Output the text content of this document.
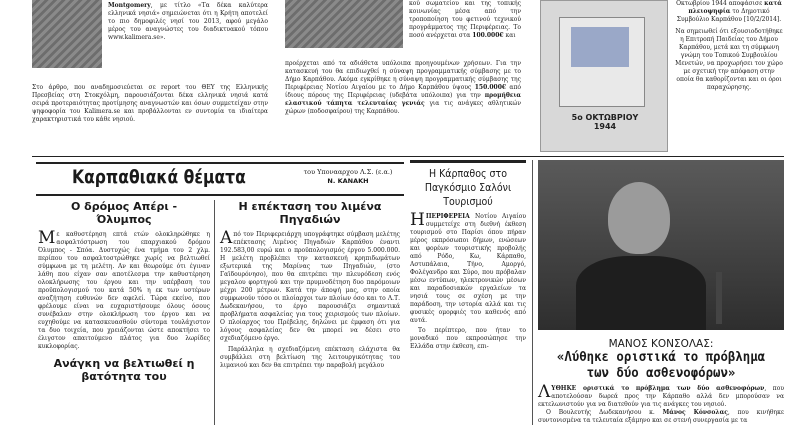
Montgomery, με τίτλο «Τα δέκα καλύτερα ελληνικά νησιά» σημειώνεται ότι η Κρήτη αποτελεί το πιο δημοφιλές νησί του 2013, αφού μεγάλο μέρος του αναγνώστες του διαδικτυακού τόπου www.kalimera.se».

Στο άρθρο, που αναδημοσιεύεται σε report του ΘΕΥ της Ελληνικής Πρεσβείας στη Στοκχόλμη, παρουσιάζονται δέκα ελληνικά νησιά κατά σειρά προτεραιότητας προτίμησης αναγνωστών και όσων συμμετείχαν στην ψηφοφορία του Kalimera.se και προβάλλονται εν συντομία τα ιδιαίτερα χαρακτηριστικά του κάθε νησιού.

κού σωματείου και της τοπικής κοινωνίας μέσα από την τροποποίηση του φετινού τεχνικού προγράμματος της Περιφέρειας. Το ποσό ανέρχεται στα 100.000€ και

προέρχεται από τα αδιάθετα υπόλοιπα προηγουμένων χρήσεων. Για την κατασκευή του θα επιδιωχθεί η σύναψη προγραμματικής σύμβασης με το Δήμο Καρπάθου. Ακόμα εγκρίθηκε η σύναψη προγραμματικής σύμβασης της Περιφέρειας Νοτίου Αιγαίου με το Δήμο Καρπάθου ύψους 150.000€ από ίδιους πόρους της Περιφέρειας (υδεβάτα υπόλοιπα) για την προμήθεια ελαστικού τάπητα τελευταίας γενιάς για τις ανάγκες αθλητικών χώρων (ποδοσφαίρου) της Καρπάθου.

5ο ΟΚΤΩΒΡΙΟΥ 1944

Οκτωβρίου 1944 αποφάσισε κατά πλειοψηφία το Δημοτικό Συμβούλιο Καρπάθου [10/2/2014].

Να σημειωθεί ότι εξουσιοδοτήθηκε η Επιτροπή Παιδείας του Δήμου Καρπάθου, μετά και τη σύμφωνη γνώμη του Τοπικού Συμβουλίου Μενετών, να προχωρήσει τον χώρο με σχετική την απόφαση στην οποία θα καθορίζονται και οι όροι παραχώρησης.

Καρπαθιακά θέματα	του Υπονααρχου Λ.Σ. (ε.α.)
Ν. ΚΑΝΑΚΗ
Ο δρόμος Απέρι - Όλυμπος

Με καθυστέρηση επτά ετών ολοκληρώθηκε η ασφαλτόστρωση του επαρχιακού δρόμου Όλυμπος - Σπόα. Δυστυχώς ένα τμήμα του 2 χλμ. περίπου του ασφαλτοστρώθηκε χωρίς να βελτιωθεί σύμφωνα με τη μελέτη. Αν και θεωρούμε ότι έγιναν λάθη που είχαν σαν αποτέλεσμα την καθυστέρηση ολοκλήρωσης του έργου και την υπέρβαση του προϋπολογισμού του κατά 50% η εκ των υστέρων αναζήτηση ευθυνών δεν αφελεί. Τώρα εκείνο, που φρέλουμε είναι να ευχαριστήσουμε όλους όσους συνέβαλαν στην ολοκλήρωση του έργου και να ευχηθούμε να κατασκευασθούν σύντομα τουλάχιστον τα δυο τοιχεία, που χρειάζονται ώστε αποκτήσει το έλιγστον απαιτούμενο πλάτος για δυο λωρίδες κυκλοφορίας.

Ανάγκη να βελτιωθεί η βατότητα του
Η επέκταση του λιμένα Πηγαδιών

Από τον Περιφερειάρχη υπογράφτηκε σύμβαση μελέτης επέκτασης Λιμένος Πηγαδιών Καρπάθου έναντι 192.583,00 ευρώ και ο προϋπολογισμός έργου 5.000.000. Η μελέτη προβλέπει την κατασκευή κρηπιδωμάτων εξωτερικά της Μαρίνας των Πηγαδιών, (στο Γαϊδουρόνησο), που θα επιτρέπει την πλευρόδεση ενός μεγαλου φορτηγού και την πρυμνοδέτηση δυο παρόμοιων μέχρι 200 μέτρων. Κατά την άποψή μας, στην οποία συμφωνούν τόσο οι πλοίαρχοι των πλοίων όσο και το Λ.Τ. Δωδεκανήσου, το έργο παρουσιάζει σημαντικά προβλήματα ασφαλείας για τους χειρισμούς των πλοίων. Ο πλοίαρχος του Πρέβελης, δηλώνει με έμφαση ότι για λόγους ασφαλείας δεν θα μπορεί να δέσει στο σχεδιαζόμενο έργο.

Παράλληλα η σχεδιαζόμενη επέκταση ελάχιστα θα συμβάλλει στη βελτίωση της λειτουργικότητας του λιμανιού και δεν θα επιτρέπει την παραβολή μεγάλου

Η Κάρπαθος στο Παγκόσμιο Σαλόνι Τουρισμού

ΗΠΕΡΙΦΕΡΕΙΑ Νοτίου Αιγαίου συμμετείχε στη διεθνή έκθεση τουρισμού στο Παρίσι όπου πήραν μέρος εκπρόσωποι δήμων, ενώσεων και φορέων τουριστικής προβολής από Ρόδο, Κω, Κάρπαθο, Αστυπάλαια, Τήνο, Αμοργό, Φολέγανδρο και Σύρο, που πρόβαλαν μέσω εντύπων, ηλεκτρονικών μέσων και παραδοσιακών εργαλείων τα νησιά τους σε σχέση με την παράδοση, την ιστορία αλλά και τις φυσικές ομορφιές του καθενός από αυτά.

Το περίπτερο, που ήταν το μοναδικό που εκπροσώπησε την Ελλάδα στην έκθεση, επι-	ΜΑΝΟΣ ΚΟΝΣΟΛΑΣ:
«Λύθηκε οριστικά το πρόβλημα των δύο ασθενοφόρων»

ΛΥΘΗΚΕ οριστικά το πρόβλημα των δύο ασθενοφόρων, που αποτελούσαν δωρεά προς την Κάρπαθο αλλά δεν μπορούσαν να εκτελωνιστούν για να διατεθούν για τις ανάγκες του νησιού.

Ο Βουλευτής Δωδεκανήσου κ. Μάνος Κόνσολας, που κινήθηκε συντονισμένα τα τελευταία εξάμηνο και σε στενή συνεργασία με τα
